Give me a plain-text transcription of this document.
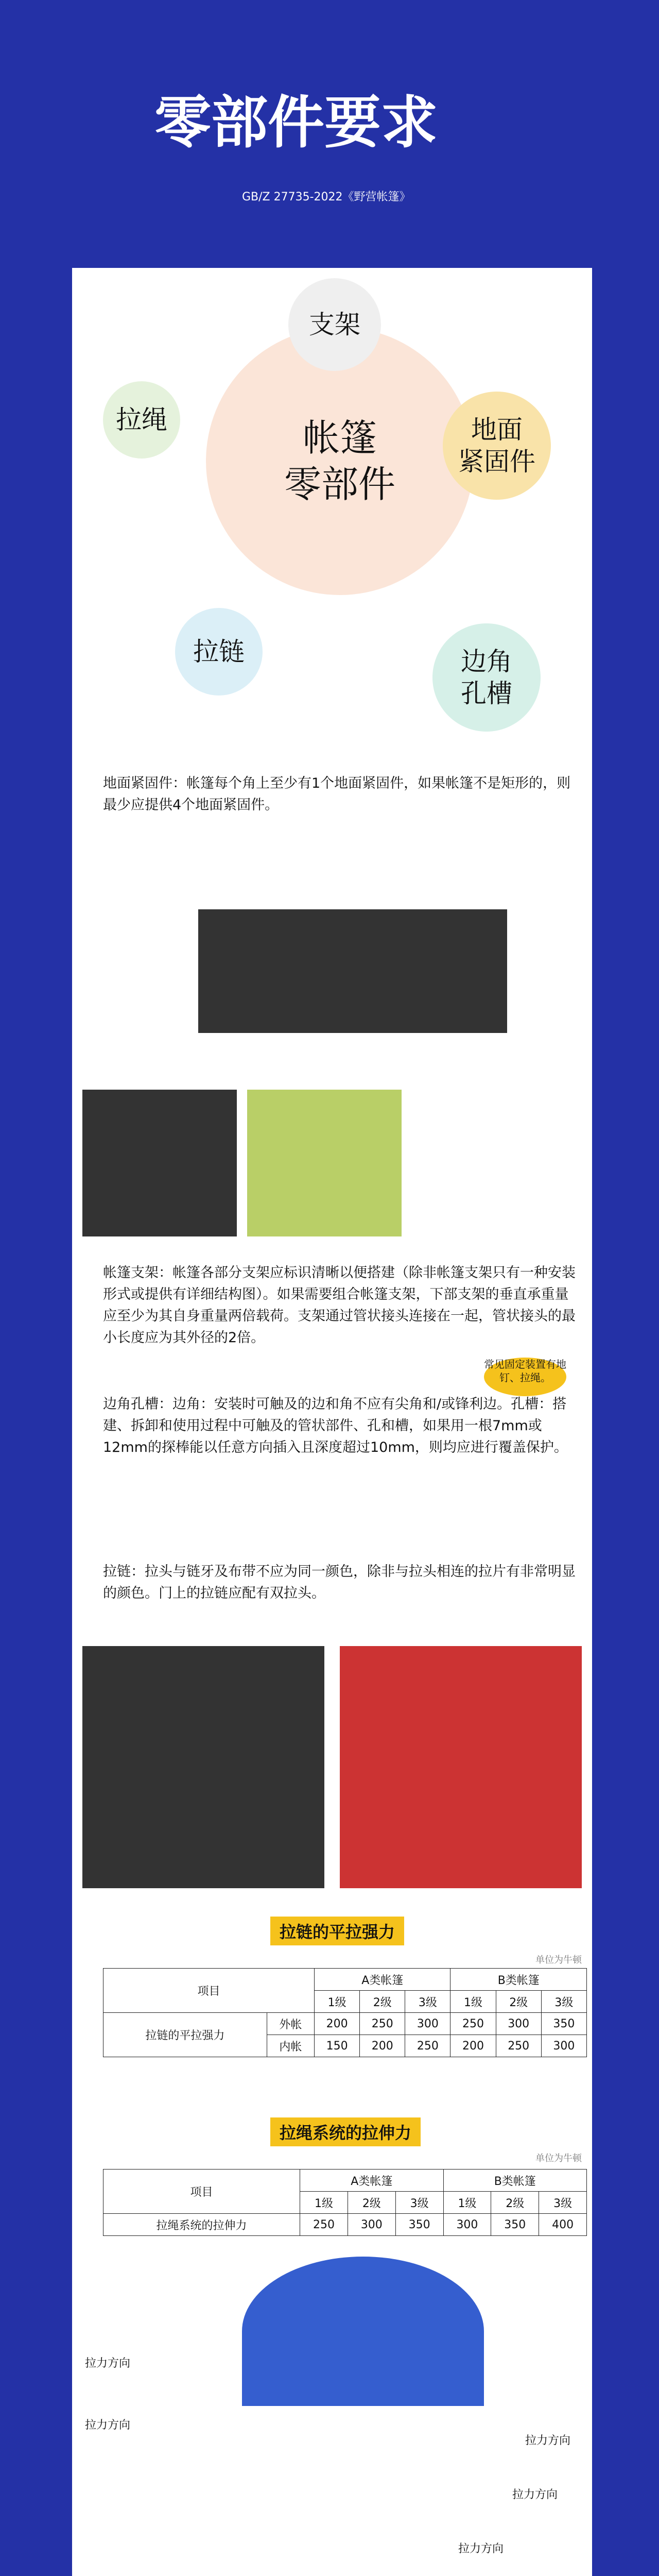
零部件要求
GB/Z 27735-2022《野营帐篷》
帐篷
零部件
支架
拉绳	地面
紧固件
拉链	边角
孔槽
地面紧固件：帐篷每个角上至少有1个地面紧固件，如果帐篷不是矩形的，则最少应提供4个地面紧固件。
常见固定装置有地钉、拉绳。
帐篷支架：帐篷各部分支架应标识清晰以便搭建（除非帐篷支架只有一种安装形式或提供有详细结构图）。如果需要组合帐篷支架，下部支架的垂直承重量应至少为其自身重量两倍载荷。支架通过管状接头连接在一起，管状接头的最小长度应为其外径的2倍。
边角孔槽：边角：安装时可触及的边和角不应有尖角和/或锋利边。孔槽：搭建、拆卸和使用过程中可触及的管状部件、孔和槽，如果用一根7mm或12mm的探棒能以任意方向插入且深度超过10mm，则均应进行覆盖保护。
拉链：拉头与链牙及布带不应为同一颜色，除非与拉头相连的拉片有非常明显的颜色。门上的拉链应配有双拉头。
拉链的平拉强力
单位为牛顿
项目		A类帐篷			B类帐篷		
		1级	2级	3级	1级	2级	3级
拉链的平拉强力	外帐	200	250	300	250	300	350
	内帐	150	200	250	200	250	300
拉绳系统的拉伸力
单位为牛顿
项目	A类帐篷			B类帐篷		
	1级	2级	3级	1级	2级	3级
拉绳系统的拉伸力	250	300	350	300	350	400
拉力方向
拉力方向
拉力方向
拉力方向
拉力方向
